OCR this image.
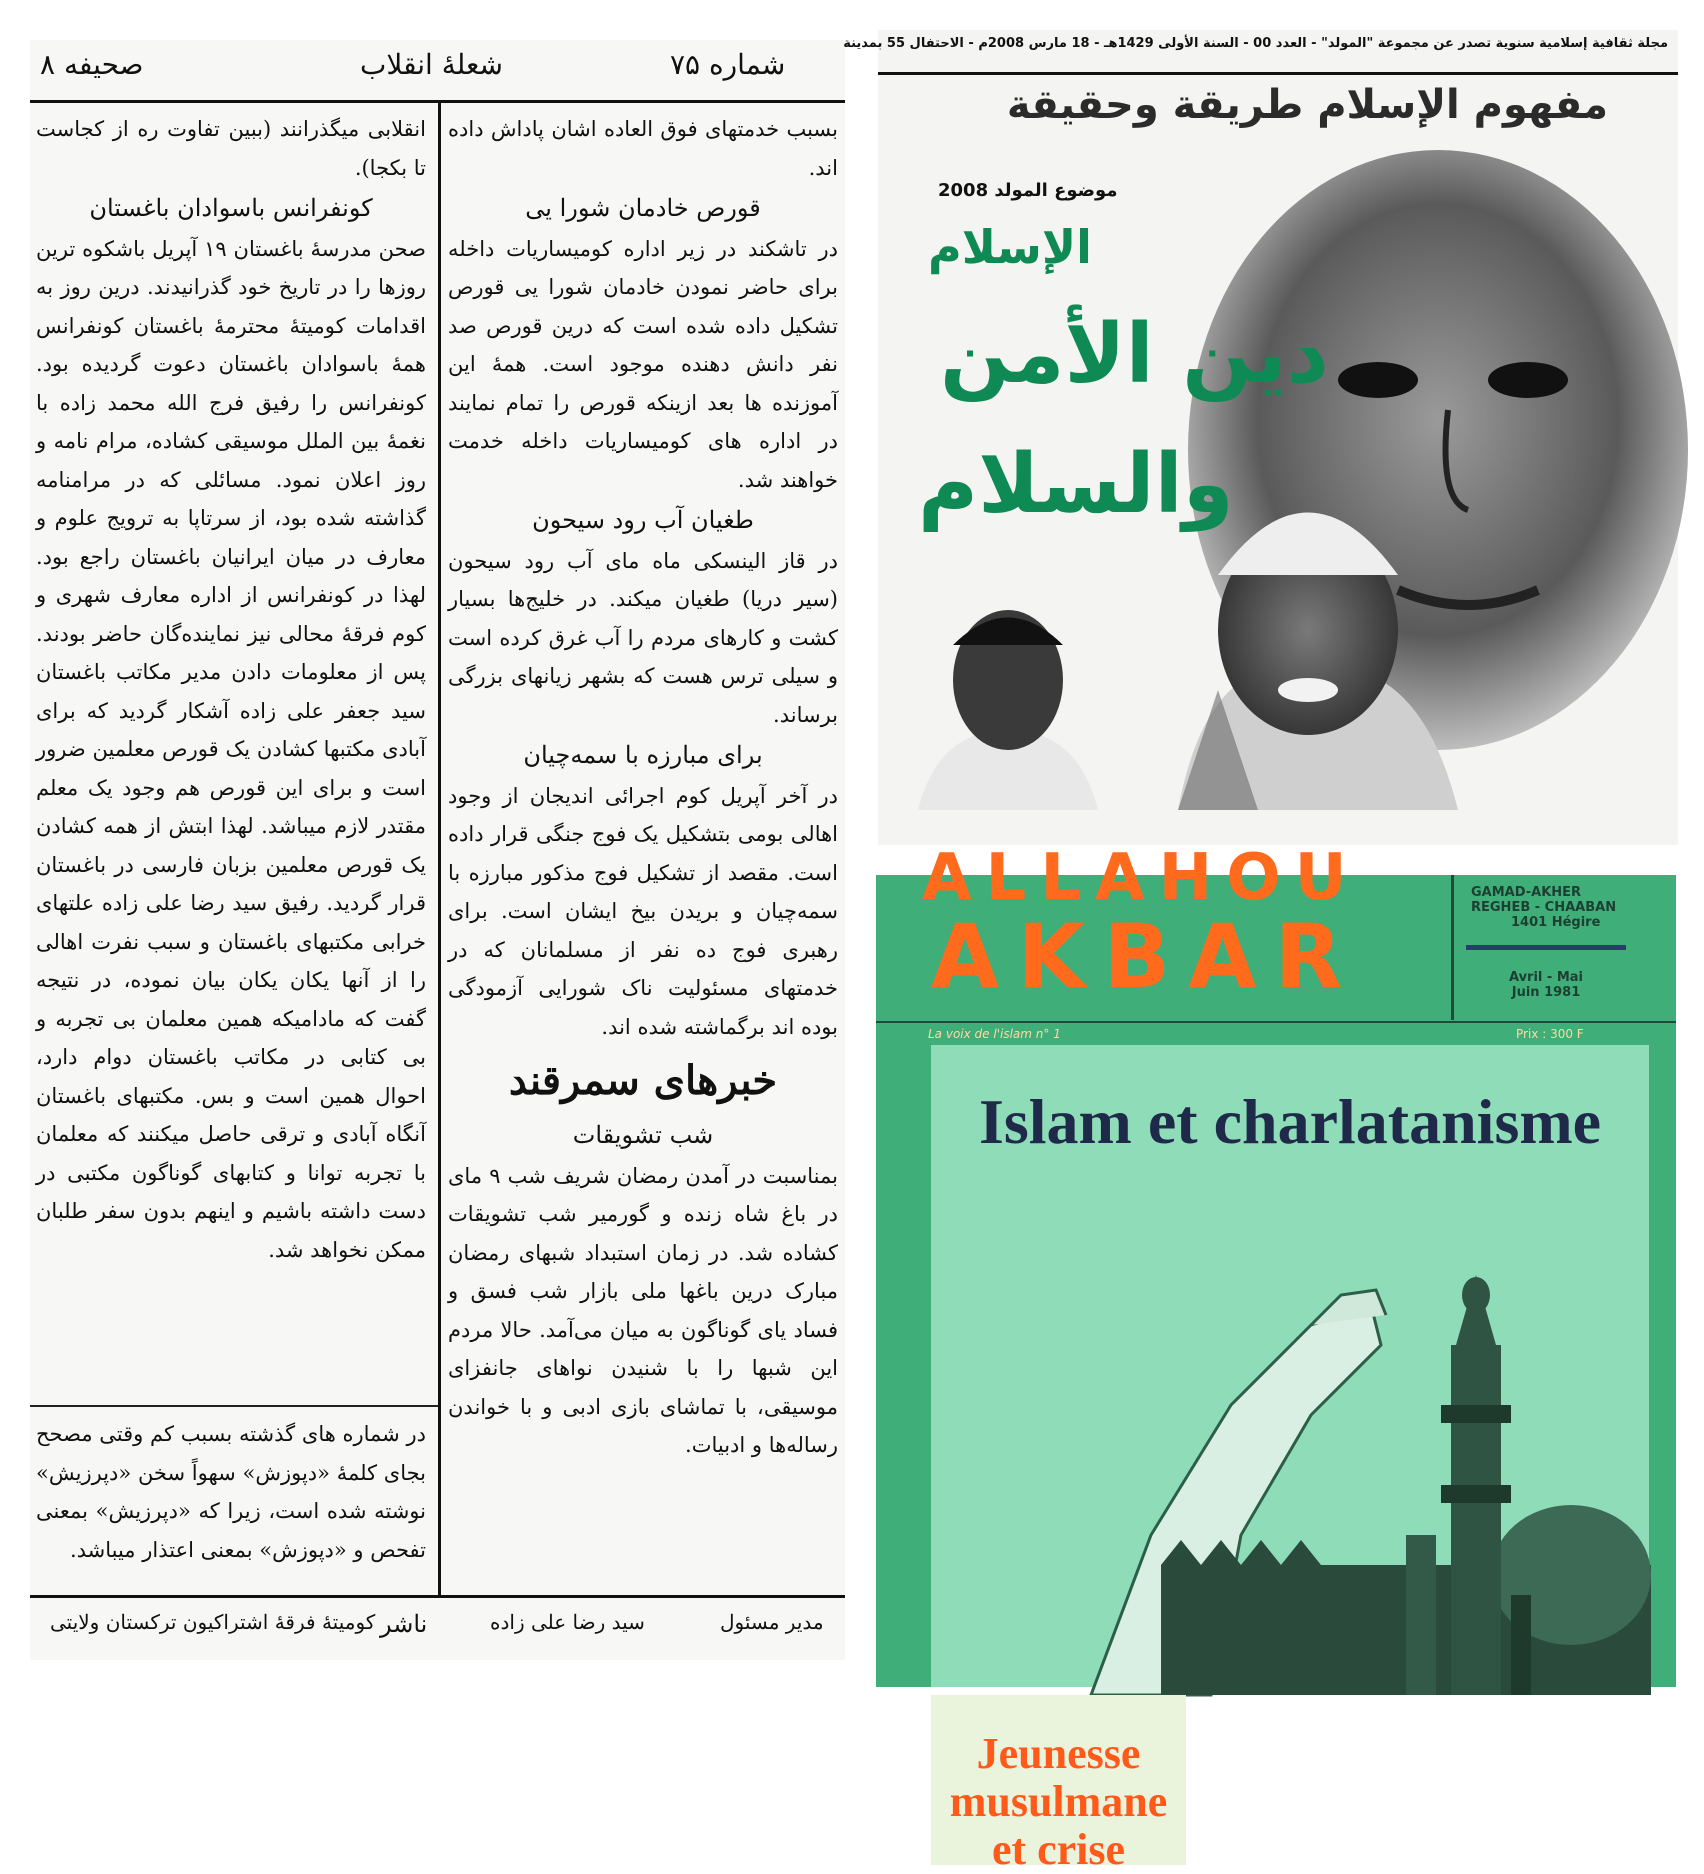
صحیفه ۸	شعلهٔ انقلاب	شماره ۷۵

بسبب خدمتهای فوق العاده اشان پاداش داده اند.

قورص خادمان شورا یی

در تاشکند در زیر اداره کومیساریات داخله برای حاضر نمودن خادمان شورا یی قورص تشکیل داده شده است که درین قورص صد نفر دانش دهنده موجود است. همهٔ این آموزنده ها بعد ازینکه قورص را تمام نمایند در اداره های کومیساریات داخله خدمت خواهند شد.

طغیان آب رود سیحون

در قاز الینسکی ماه مای آب رود سیحون (سیر دریا) طغیان میکند. در خلیج‌ها بسیار کشت و کارهای مردم را آب غرق کرده است و سیلی ترس هست که بشهر زیانهای بزرگی برساند.

برای مبارزه با سمه‌چیان

در آخر آپریل کوم اجرائی اندیجان از وجود اهالی بومی بتشکیل یک فوج جنگی قرار داده است. مقصد از تشکیل فوج مذکور مبارزه با سمه‌چیان و بریدن بیخ ایشان است. برای رهبری فوج ده نفر از مسلمانان که در خدمتهای مسئولیت ناک شورایی آزمودگی بوده اند برگماشته شده اند.

خبرهای سمرقند

شب تشویقات

بمناسبت در آمدن رمضان شریف شب ۹ مای در باغ شاه زنده و گورمیر شب تشویقات کشاده شد. در زمان استبداد شبهای رمضان مبارک درین باغها ملی بازار شب فسق و فساد یای گوناگون به میان می‌آمد. حالا مردم این شبها را با شنیدن نواهای جانفزای موسیقی، با تماشای بازی ادبی و با خواندن رساله‌ها و ادبیات.

انقلابی میگذرانند (ببین تفاوت ره از کجاست تا بکجا).

کونفرانس باسوادان باغستان

صحن مدرسهٔ باغستان ۱۹ آپریل باشکوه ترین روزها را در تاریخ خود گذرانیدند. درین روز به اقدامات کومیتهٔ محترمهٔ باغستان کونفرانس همهٔ باسوادان باغستان دعوت گردیده بود. کونفرانس را رفیق فرج الله محمد زاده با نغمهٔ بین الملل موسیقی کشاده، مرام نامه و روز اعلان نمود. مسائلی که در مرامنامه گذاشته شده بود، از سرتاپا به ترویج علوم و معارف در میان ایرانیان باغستان راجع بود. لهذا در کونفرانس از اداره معارف شهری و کوم فرقهٔ محالی نیز نماینده‌گان حاضر بودند. پس از معلومات دادن مدیر مکاتب باغستان سید جعفر علی زاده آشکار گردید که برای آبادی مکتبها کشادن یک قورص معلمین ضرور است و برای این قورص هم وجود یک معلم مقتدر لازم میباشد. لهذا ابتش از همه کشادن یک قورص معلمین بزبان فارسی در باغستان قرار گردید. رفیق سید رضا علی زاده علتهای خرابی مکتبهای باغستان و سبب نفرت اهالی را از آنها یکان یکان بیان نموده، در نتیجه گفت که مادامیکه همین معلمان بی تجربه و بی کتابی در مکاتب باغستان دوام دارد، احوال همین است و بس. مکتبهای باغستان آنگاه آبادی و ترقی حاصل میکنند که معلمان با تجربه توانا و کتابهای گوناگون مکتبی در دست داشته باشیم و اینهم بدون سفر طلبان ممکن نخواهد شد.

در شماره های گذشته بسبب کم وقتی مصحح بجای کلمهٔ «دپوزش» سهواً سخن «دپرزیش» نوشته شده است، زیرا که «دپرزیش» بمعنی تفحص و «دپوزش» بمعنی اعتذار میباشد.

ناشر
کومیتهٔ فرقهٔ اشتراکیون ترکستان ولایتی	مدیر مسئول
سید رضا علی زاده
مجلة ثقافية إسلامية سنوية تصدر عن مجموعة "المولد" - العدد 00 - السنة الأولى 1429هـ - 18 مارس 2008م - الاحتفال 55 بمدينة
مفهوم الإسلام طريقة وحقيقة
موضوع المولد 2008
الإسلام
دين الأمن
والسلام
ALLAHOU
AKBAR
GAMAD-AKHER
REGHEB - CHAABAN
1401 Hégire
Avril - Mai
Juin 1981
La voix de l'islam n° 1	Prix : 300 F
Islam et charlatanisme
Jeunesse musulmane et crise
